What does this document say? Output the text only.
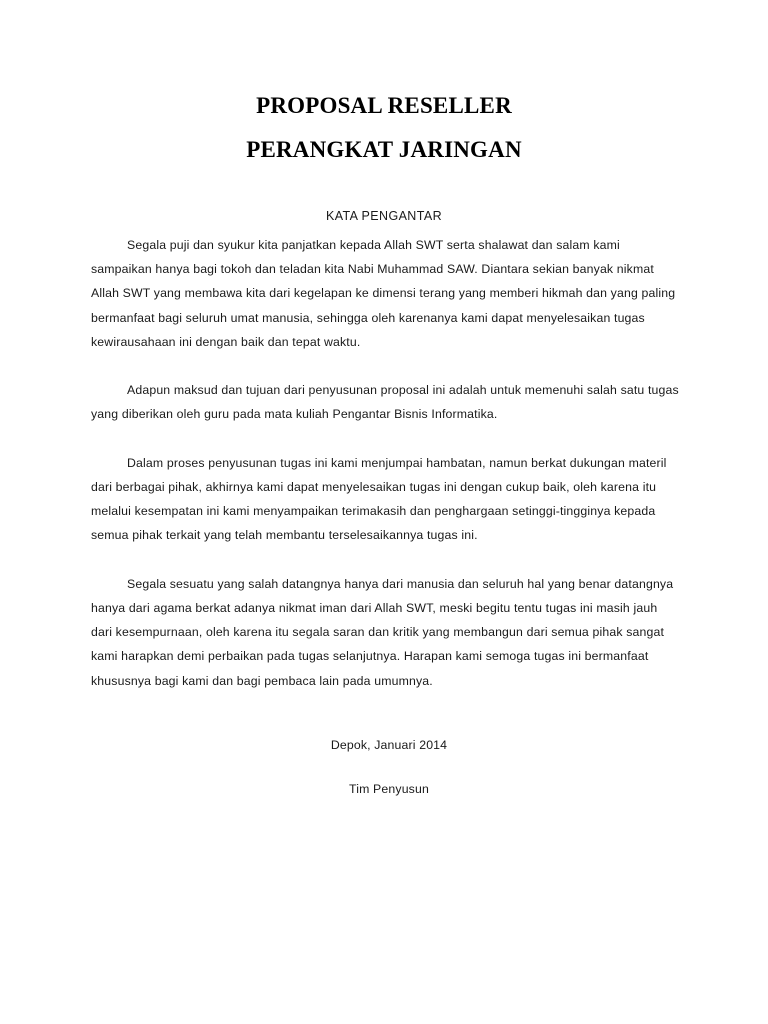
PROPOSAL RESELLER
PERANGKAT JARINGAN
KATA PENGANTAR
Segala puji dan syukur kita panjatkan kepada Allah SWT serta shalawat dan salam kami
sampaikan hanya bagi tokoh dan teladan kita Nabi Muhammad SAW. Diantara sekian banyak nikmat
Allah SWT yang membawa kita dari kegelapan ke dimensi terang yang memberi hikmah dan yang paling
bermanfaat bagi seluruh umat manusia, sehingga oleh karenanya kami dapat menyelesaikan tugas
kewirausahaan ini dengan baik dan tepat waktu.
Adapun maksud dan tujuan dari penyusunan proposal ini adalah untuk memenuhi salah satu tugas
yang diberikan oleh guru pada mata kuliah Pengantar Bisnis Informatika.
Dalam proses penyusunan tugas ini kami menjumpai hambatan, namun berkat dukungan materil
dari berbagai pihak, akhirnya kami dapat menyelesaikan tugas ini dengan cukup baik, oleh karena itu
melalui kesempatan ini kami menyampaikan terimakasih dan penghargaan setinggi-tingginya kepada
semua pihak terkait yang telah membantu terselesaikannya tugas ini.
Segala sesuatu yang salah datangnya hanya dari manusia dan seluruh hal yang benar datangnya
hanya dari agama berkat adanya nikmat iman dari Allah SWT, meski begitu tentu tugas ini masih jauh
dari kesempurnaan, oleh karena itu segala saran dan kritik yang membangun dari semua pihak sangat
kami harapkan demi perbaikan pada tugas selanjutnya. Harapan kami semoga tugas ini bermanfaat
khususnya bagi kami dan bagi pembaca lain pada umumnya.
Depok, Januari 2014
Tim Penyusun
